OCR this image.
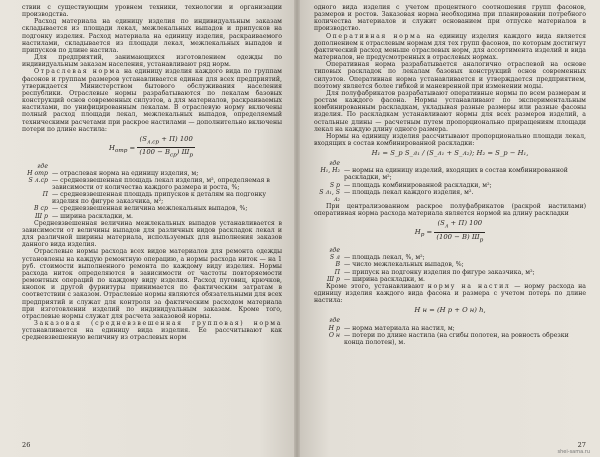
ствии с существующим уровнем техники, технологии и организации производства.

Расход материала на единицу изделия по индивидуальным заказам складывается из площади лекал, межлекальных выпадов и припусков на подгонку изделия. Расход материала на единицу изделия, раскраиваемого настилами, складывается из площади лекал, межлекальных выпадов и припусков по длине настила.

Для предприятий, занимающихся изготовлением одежды по индивидуальным заказам населения, устанавливают ряд норм.

Отраслевая норма на единицу изделия каждого вида по группам фасонов и группам размеров устанавливается единая для всех предприятий, утверждается Министерством бытового обслуживания населения республики. Отраслевые нормы разрабатываются по лекалам базовых конструкций основ современных силуэтов, а для материалов, раскраиваемых настилами, по унифицированным лекалам. В отраслевую норму включены полный расход площади лекал, межлекальных выпадов, определяемый техническими расчетами при раскрое настилами — дополнительно включены потери по длине настила:

$Н_{отр} = \frac{(S_{л.ср} + П) 100}{(100 - В_{ср}) Ш_р}$
где
Н отр — отраслевая норма на единицу изделия, м;
S л.ср — средневзвешенная площадь лекал изделия, м², определяемая в зависимости от количества каждого размера и роста, %;
П — средневзвешенная площадь припусков к деталям на подгонку изделия по фигуре заказчика, м²;
В ср — средневзвешенная величина межлекальных выпадов, %;
Ш р — ширина раскладки, м.

Средневзвешенная величина межлекальных выпадов устанавливается в зависимости от величины выпадов для различных видов раскладок лекал и для различной ширины материала, используемых для выполнения заказов данного вида изделия.

Отраслевые нормы расхода всех видов материалов для ремонта одежды установлены на каждую ремонтную операцию, а нормы расхода ниток — на 1 руб. стоимости выполненного ремонта по каждому виду изделия. Нормы расхода ниток определяются в зависимости от частоты повторяемости ремонтных операций по каждому виду изделия. Расход пуговиц, крючков, кнопок и другой фурнитуры принимается по фактическим затратам в соответствии с заказом. Отраслевые нормы являются обязательными для всех предприятий и служат для контроля за фактическим расходом материала при изготовлении изделий по индивидуальным заказам. Кроме того, отраслевые нормы служат для расчета заказовой нормы.

Заказовая (средневзвешенная групповая) норма устанавливается на единицу вида изделия. Ее рассчитывают как средневзвешенную величину из отраслевых норм

26

одного вида изделия с учетом процентного соотношения групп фасонов, размеров и ростов. Заказовая норма необходима при планировании потребного количества материалов и служит основанием при отпуске материалов в производство.

Оперативная норма на единицу изделия каждого вида является дополнением к отраслевым нормам для тех групп фасонов, по которым достигнут фактический расход меньше отраслевых норм, для ассортимента изделий и вида материалов, не предусмотренных в отраслевых нормах.

Оперативная норма разрабатывается аналогично отраслевой на основе типовых раскладок по лекалам базовых конструкций основ современных силуэтов. Оперативная норма устанавливается и утверждается предприятием, поэтому является более гибкой и маневренной при изменении моды.

Для полуфабрикатов разрабатывают оперативные нормы по всем размерам и ростам каждого фасона. Нормы устанавливают по экспериментальным комбинированным раскладкам, укладывая разные размеры или разные фасоны изделия. По раскладкам устанавливают нормы для всех размеров изделий, а остальные длины — расчетным путем пропорционально приращениям площади лекал на каждую длину одного размера.

Нормы на единицу изделия рассчитывают пропорционально площади лекал, входящих в состав комбинированной раскладки:

Н₁ = S_р S_л₁ / (S_л₁ + S_л₂); Н₂ = S_р − Н₁,
где
Н₁, Н₂ — нормы на единицу изделий, входящих в состав комбинированной раскладки, м²;
S р — площадь комбинированной раскладки, м²;
S л₁, S л₂
— площадь лекал каждого изделия, м².

При централизованном раскрое полуфабрикатов (раскрой настилами) оперативная норма расхода материала является нормой на длину раскладки

$Н_р = \frac{(S_л + П) 100}{(100 - В) Ш_р}$
где
S л — площадь лекал, %, м²;
В — число межлекальных выпадов, %;
П — припуск на подгонку изделия по фигуре заказчика, м²;
Ш р — ширина раскладки, м.

Кроме этого, устанавливают норму на настил — норму расхода на единицу изделия каждого вида фасона и размера с учетом потерь по длине настила:

Н н = (Н р + О н) h,
где
Н р — норма материала на настил, м;
О н — потери по длине настила (на сгибы полотен, на ровность обрезки конца полотен), м.
27
shei-sama.ru
